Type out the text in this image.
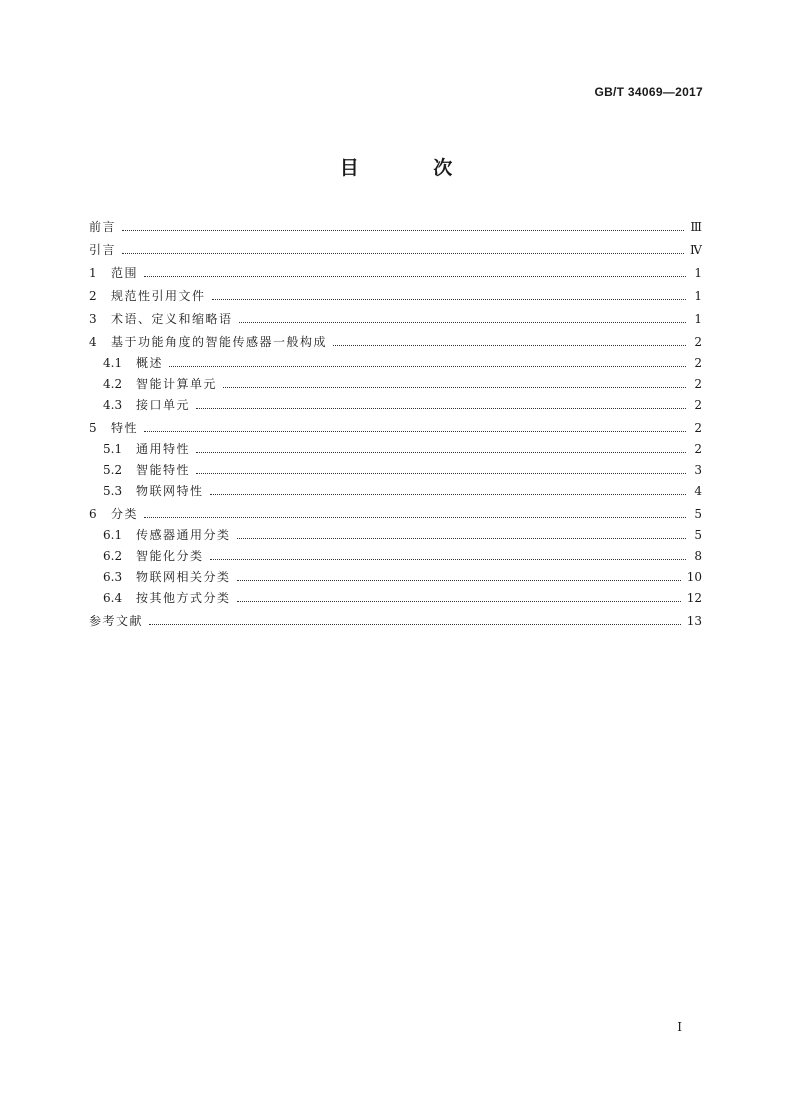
GB/T 34069—2017
目 次
前言	Ⅲ
引言	Ⅳ
1	范围	1
2	规范性引用文件	1
3	术语、定义和缩略语	1
4	基于功能角度的智能传感器一般构成	2
4.1	概述	2
4.2	智能计算单元	2
4.3	接口单元	2
5	特性	2
5.1	通用特性	2
5.2	智能特性	3
5.3	物联网特性	4
6	分类	5
6.1	传感器通用分类	5
6.2	智能化分类	8
6.3	物联网相关分类	10
6.4	按其他方式分类	12
参考文献	13
I
